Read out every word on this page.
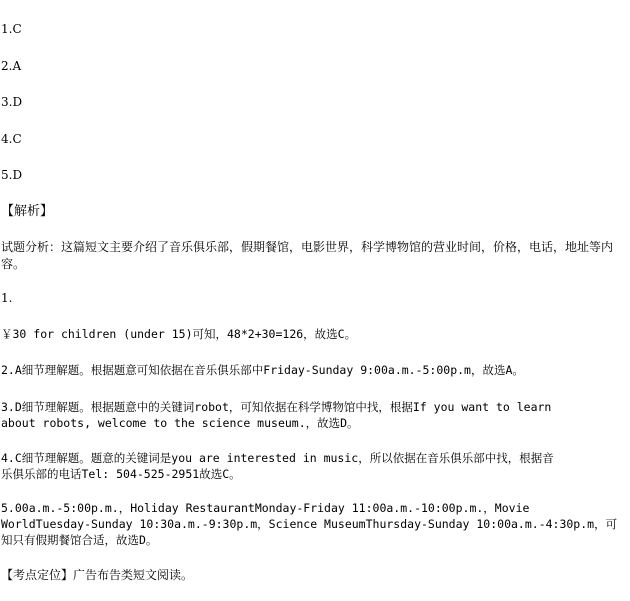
1.C
2.A
3.D
4.C
5.D
【解析】
试题分析：这篇短文主要介绍了音乐俱乐部，假期餐馆，电影世界，科学博物馆的营业时间，价格，电话，地址等内容。
1.
￥30 for children (under 15)可知，48*2+30=126，故选C。
2.A细节理解题。根据题意可知依据在音乐俱乐部中Friday-Sunday 9:00a.m.-5:00p.m，故选A。
3.D细节理解题。根据题意中的关键词robot，可知依据在科学博物馆中找，根据If you want to learn
about robots, welcome to the science museum.，故选D。
4.C细节理解题。题意的关键词是you are interested in music，所以依据在音乐俱乐部中找，根据音
乐俱乐部的电话Tel: 504-525-2951故选C。
5.00a.m.-5:00p.m.，Holiday RestaurantMonday-Friday 11:00a.m.-10:00p.m.，Movie
WorldTuesday-Sunday 10:30a.m.-9:30p.m，Science MuseumThursday-Sunday 10:00a.m.-4:30p.m，可
知只有假期餐馆合适，故选D。
【考点定位】广告布告类短文阅读。
